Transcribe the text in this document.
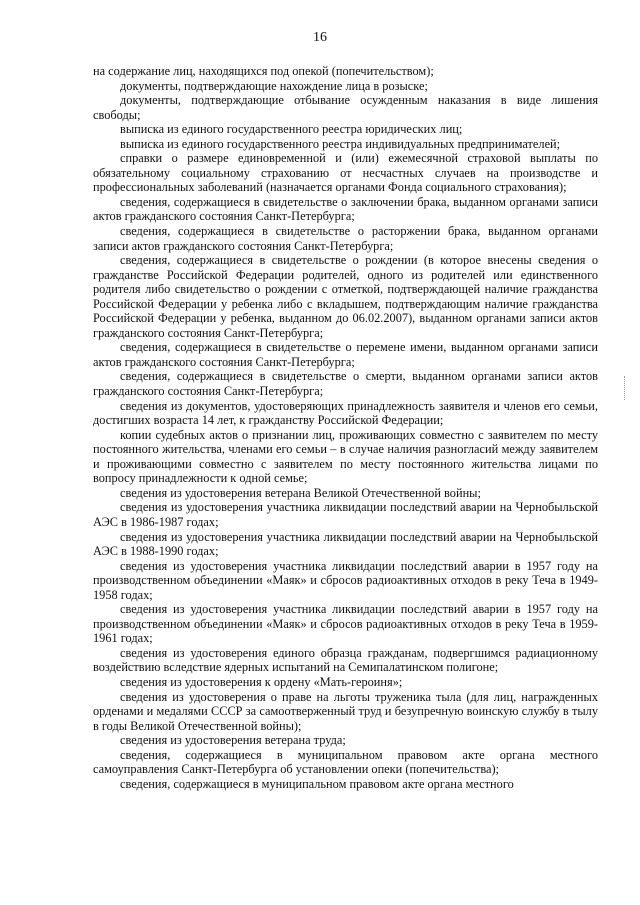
16

на содержание лиц, находящихся под опекой (попечительством);

документы, подтверждающие нахождение лица в розыске;

документы, подтверждающие отбывание осужденным наказания в виде лишения свободы;

выписка из единого государственного реестра юридических лиц;

выписка из единого государственного реестра индивидуальных предпринимателей;

справки о размере единовременной и (или) ежемесячной страховой выплаты по обязательному социальному страхованию от несчастных случаев на производстве и профессиональных заболеваний (назначается органами Фонда социального страхования);

сведения, содержащиеся в свидетельстве о заключении брака, выданном органами записи актов гражданского состояния Санкт-Петербурга;

сведения, содержащиеся в свидетельстве о расторжении брака, выданном органами записи актов гражданского состояния Санкт-Петербурга;

сведения, содержащиеся в свидетельстве о рождении (в которое внесены сведения о гражданстве Российской Федерации родителей, одного из родителей или единственного родителя либо свидетельство о рождении с отметкой, подтверждающей наличие гражданства Российской Федерации у ребенка либо с вкладышем, подтверждающим наличие гражданства Российской Федерации у ребенка, выданном до 06.02.2007), выданном органами записи актов гражданского состояния Санкт-Петербурга;

сведения, содержащиеся в свидетельстве о перемене имени, выданном органами записи актов гражданского состояния Санкт-Петербурга;

сведения, содержащиеся в свидетельстве о смерти, выданном органами записи актов гражданского состояния Санкт-Петербурга;

сведения из документов, удостоверяющих принадлежность заявителя и членов его семьи, достигших возраста 14 лет, к гражданству Российской Федерации;

копии судебных актов о признании лиц, проживающих совместно с заявителем по месту постоянного жительства, членами его семьи – в случае наличия разногласий между заявителем и проживающими совместно с заявителем по месту постоянного жительства лицами по вопросу принадлежности к одной семье;

сведения из удостоверения ветерана Великой Отечественной войны;

сведения из удостоверения участника ликвидации последствий аварии на Чернобыльской АЭС в 1986-1987 годах;

сведения из удостоверения участника ликвидации последствий аварии на Чернобыльской АЭС в 1988-1990 годах;

сведения из удостоверения участника ликвидации последствий аварии в 1957 году на производственном объединении «Маяк» и сбросов радиоактивных отходов в реку Теча в 1949-1958 годах;

сведения из удостоверения участника ликвидации последствий аварии в 1957 году на производственном объединении «Маяк» и сбросов радиоактивных отходов в реку Теча в 1959-1961 годах;

сведения из удостоверения единого образца гражданам, подвергшимся радиационному воздействию вследствие ядерных испытаний на Семипалатинском полигоне;

сведения из удостоверения к ордену «Мать-героиня»;

сведения из удостоверения о праве на льготы труженика тыла (для лиц, награжденных орденами и медалями СССР за самоотверженный труд и безупречную воинскую службу в тылу в годы Великой Отечественной войны);

сведения из удостоверения ветерана труда;

сведения, содержащиеся в муниципальном правовом акте органа местного самоуправления Санкт-Петербурга об установлении опеки (попечительства);

сведения, содержащиеся в муниципальном правовом акте органа местного
